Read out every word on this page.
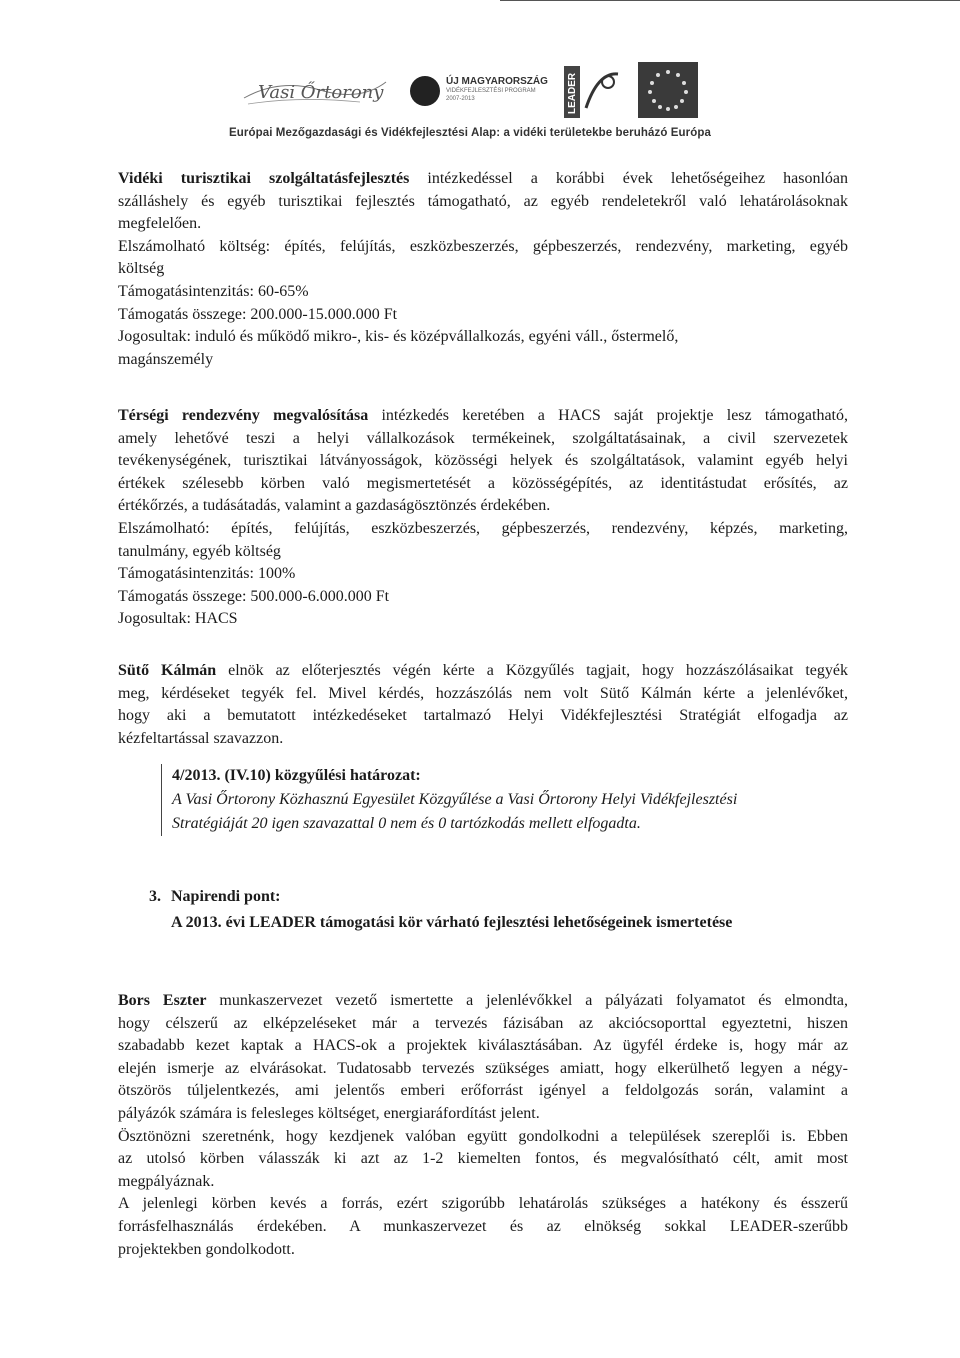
Vasi Őrtorony
ÚJ MAGYARORSZÁG
VIDÉKFEJLESZTÉSI PROGRAM
2007-2013	LEADER
Európai Mezőgazdasági és Vidékfejlesztési Alap: a vidéki területekbe beruházó Európa
Vidéki turisztikai szolgáltatásfejlesztés intézkedéssel a korábbi évek lehetőségeihez hasonlóan
szálláshely és egyéb turisztikai fejlesztés támogatható, az egyéb rendeletekről való lehatárolásoknak
megfelelően.
Elszámolható költség: építés, felújítás, eszközbeszerzés, gépbeszerzés, rendezvény, marketing, egyéb
költség
Támogatásintenzitás: 60-65%
Támogatás összege: 200.000-15.000.000 Ft
Jogosultak: induló és működő mikro-, kis- és középvállalkozás, egyéni váll., őstermelő,
magánszemély
Térségi rendezvény megvalósítása intézkedés keretében a HACS saját projektje lesz támogatható,
amely lehetővé teszi a helyi vállalkozások termékeinek, szolgáltatásainak, a civil szervezetek
tevékenységének, turisztikai látványosságok, közösségi helyek és szolgáltatások, valamint egyéb helyi
értékek szélesebb körben való megismertetését a közösségépítés, az identitástudat erősítés, az
értékőrzés, a tudásátadás, valamint a gazdaságösztönzés érdekében.
Elszámolható: építés, felújítás, eszközbeszerzés, gépbeszerzés, rendezvény, képzés, marketing,
tanulmány, egyéb költség
Támogatásintenzitás: 100%
Támogatás összege: 500.000-6.000.000 Ft
Jogosultak: HACS
Sütő Kálmán elnök az előterjesztés végén kérte a Közgyűlés tagjait, hogy hozzászólásaikat tegyék
meg, kérdéseket tegyék fel. Mivel kérdés, hozzászólás nem volt Sütő Kálmán kérte a jelenlévőket,
hogy aki a bemutatott intézkedéseket tartalmazó Helyi Vidékfejlesztési Stratégiát elfogadja az
kézfeltartással szavazzon.
4/2013. (IV.10) közgyűlési határozat:
A Vasi Őrtorony Közhasznú Egyesület Közgyűlése a Vasi Őrtorony Helyi Vidékfejlesztési
Stratégiáját 20 igen szavazattal 0 nem és 0 tartózkodás mellett elfogadta.
3. Napirendi pont:
A 2013. évi LEADER támogatási kör várható fejlesztési lehetőségeinek ismertetése
Bors Eszter munkaszervezet vezető ismertette a jelenlévőkkel a pályázati folyamatot és elmondta,
hogy célszerű az elképzeléseket már a tervezés fázisában az akciócsoporttal egyeztetni, hiszen
szabadabb kezet kaptak a HACS-ok a projektek kiválasztásában. Az ügyfél érdeke is, hogy már az
elején ismerje az elvárásokat. Tudatosabb tervezés szükséges amiatt, hogy elkerülhető legyen a négy-
ötszörös túljelentkezés, ami jelentős emberi erőforrást igényel a feldolgozás során, valamint a
pályázók számára is felesleges költséget, energiaráfordítást jelent.
Ösztönözni szeretnénk, hogy kezdjenek valóban együtt gondolkodni a települések szereplői is. Ebben
az utolsó körben válasszák ki azt az 1-2 kiemelten fontos, és megvalósítható célt, amit most
megpályáznak.
A jelenlegi körben kevés a forrás, ezért szigorúbb lehatárolás szükséges a hatékony és ésszerű
forrásfelhasználás érdekében. A munkaszervezet és az elnökség sokkal LEADER-szerűbb
projektekben gondolkodott.
